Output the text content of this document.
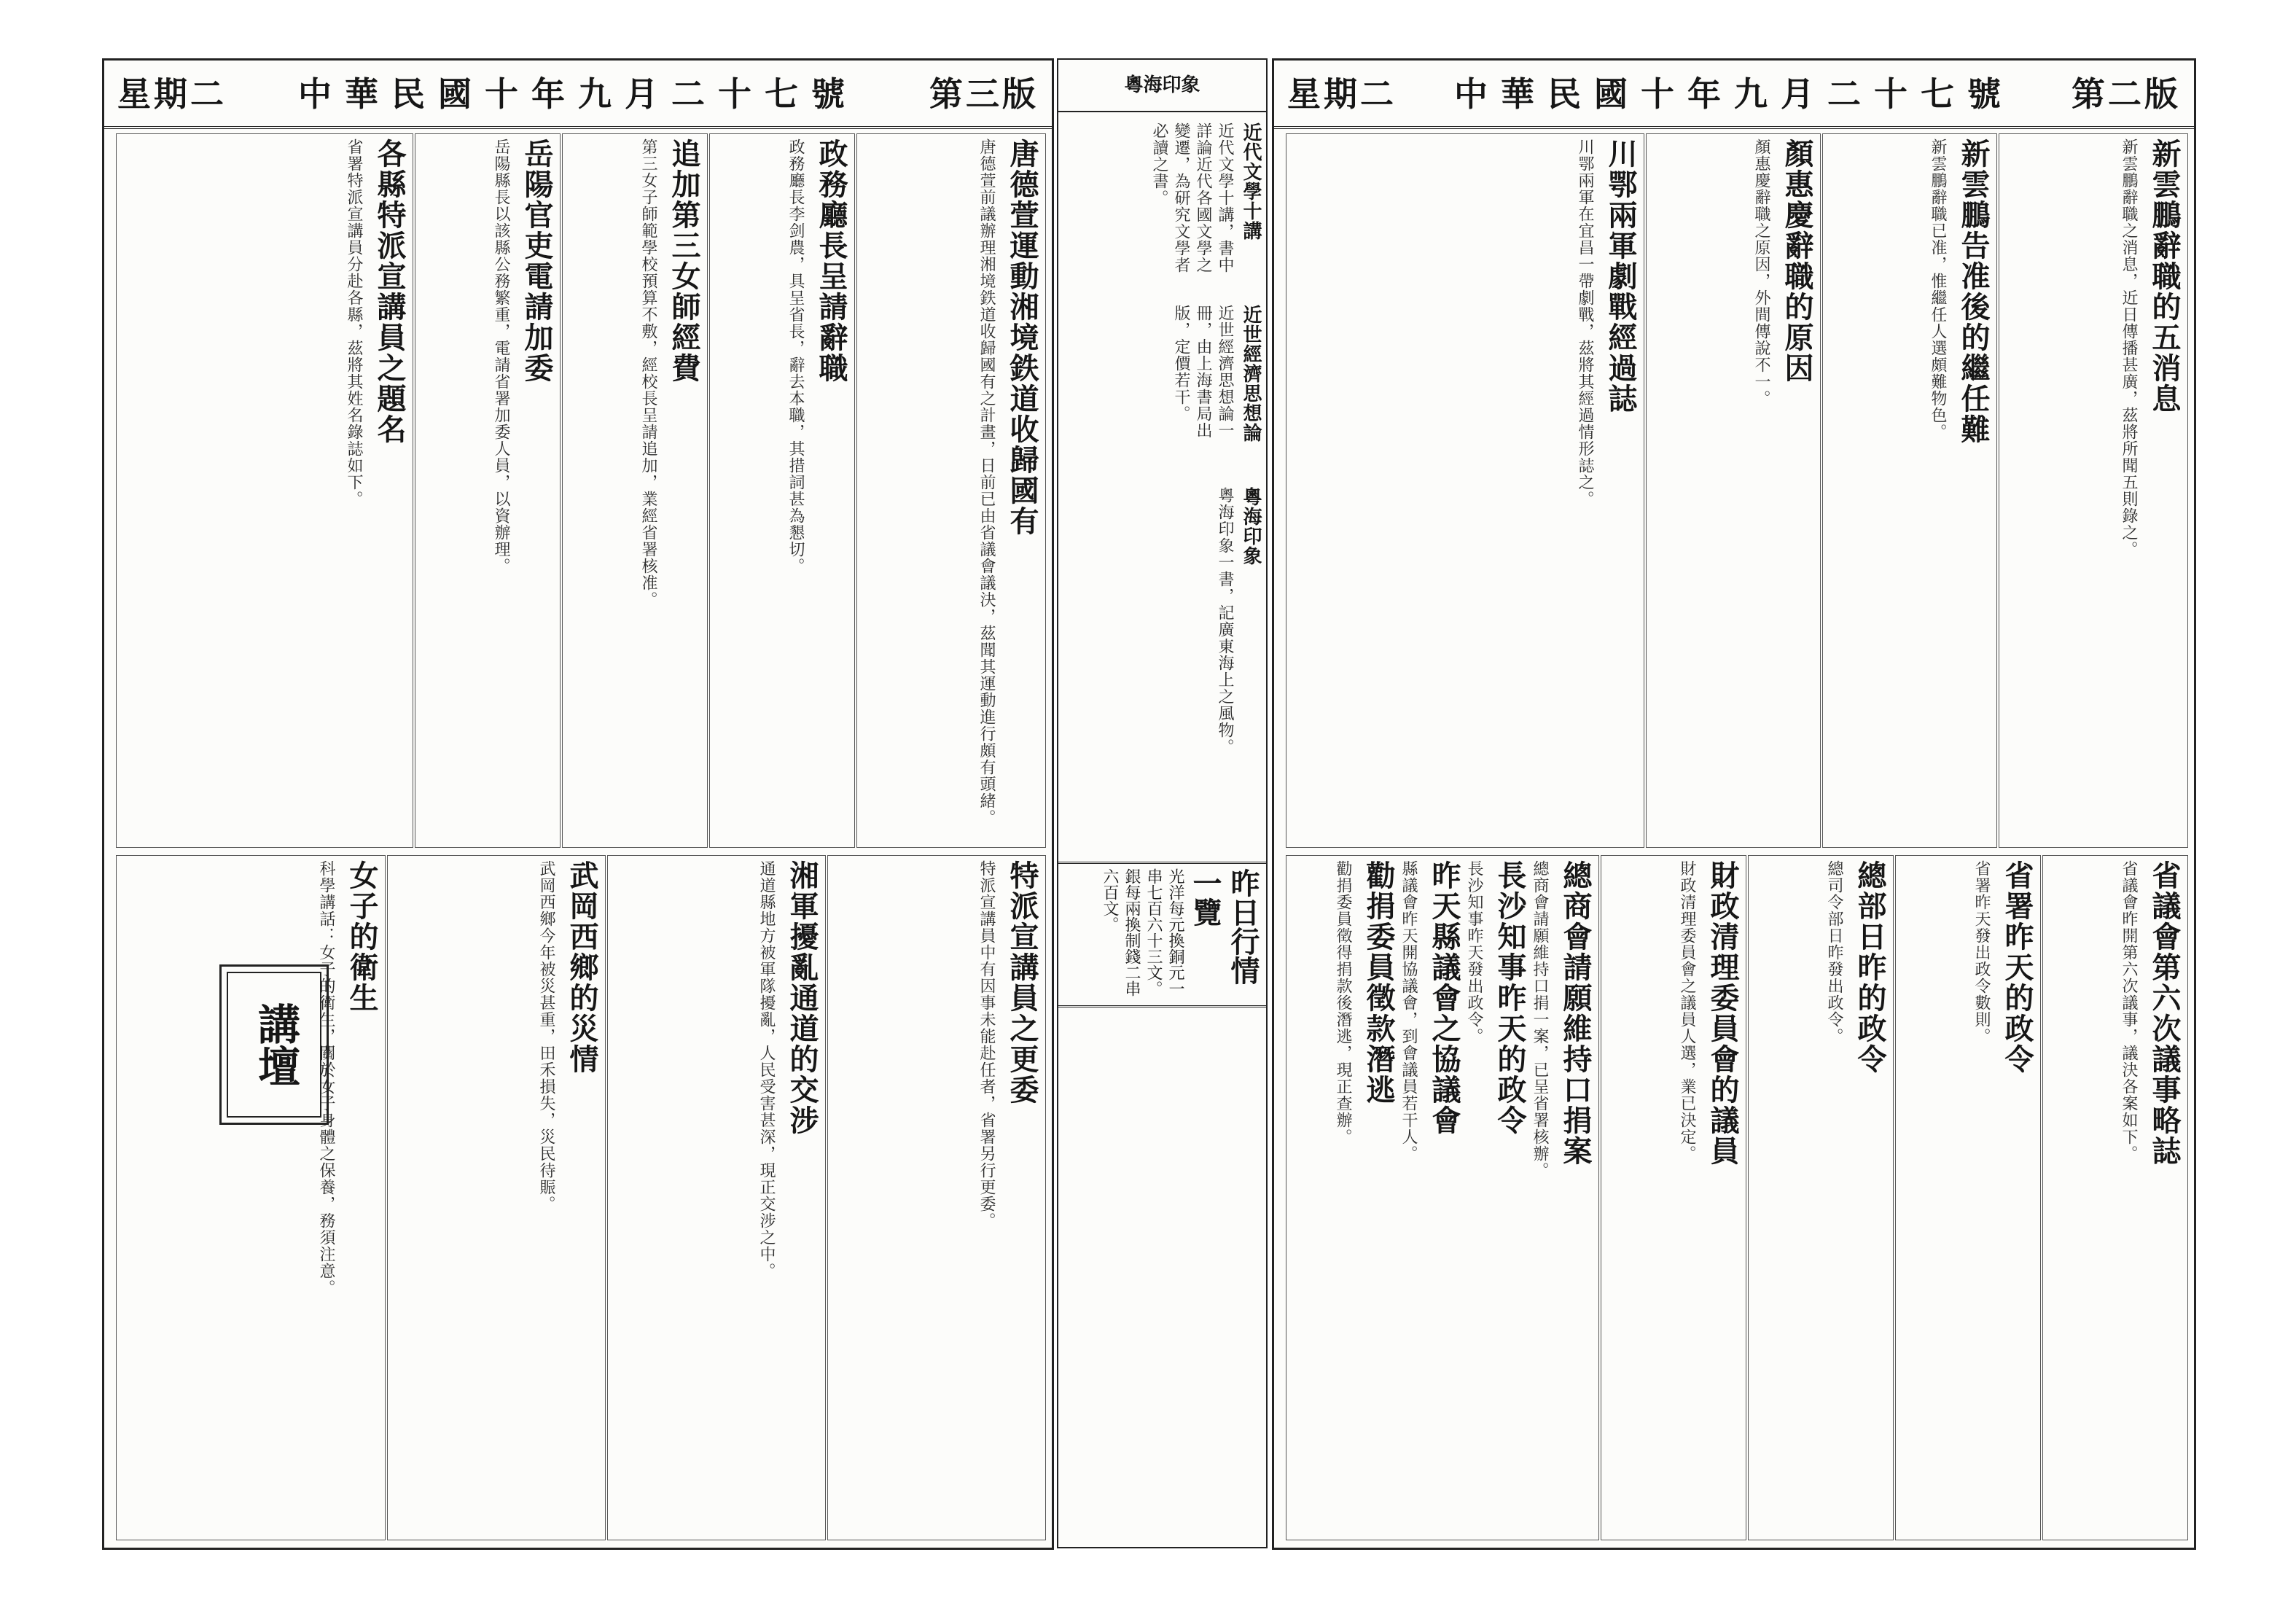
星期二 中華民國十年九月二十七號 第三版
唐德萱運動湘境鉄道收歸國有
唐德萱前議辦理湘境鉄道收歸國有之計畫，日前已由省議會議決，茲聞其運動進行頗有頭緒。
政務廳長呈請辭職
政務廳長李剑農，具呈省長，辭去本職，其措詞甚為懇切。
追加第三女師經費
第三女子師範學校預算不敷，經校長呈請追加，業經省署核准。
岳陽官吏電請加委
岳陽縣長以該縣公務繁重，電請省署加委人員，以資辦理。
各縣特派宣講員之題名
省署特派宣講員分赴各縣，茲將其姓名錄誌如下。
特派宣講員之更委
特派宣講員中有因事未能赴任者，省署另行更委。
湘軍擾亂通道的交涉
通道縣地方被軍隊擾亂，人民受害甚深，現正交涉之中。
武岡西鄉的災情
武岡西鄉今年被災甚重，田禾損失，災民待賑。
女子的衛生
科學講話：女子的衛生，關於女子身體之保養，務須注意。
講壇
粵海印象
近代文學十講
近代文學十講，書中詳論近代各國文學之變遷，為研究文學者必讀之書。
近世經濟思想論
近世經濟思想論一冊，由上海書局出版，定價若干。
粵海印象
粵海印象一書，記廣東海上之風物。
昨日行情一覽
光洋每元換銅元一串七百六十三文。銀每兩換制錢二串六百文。
星期二 中華民國十年九月二十七號 第二版
新雲鵬辭職的五消息
新雲鵬辭職之消息，近日傳播甚廣，茲將所聞五則錄之。
新雲鵬告准後的繼任難
新雲鵬辭職已准，惟繼任人選頗難物色。
顏惠慶辭職的原因
顏惠慶辭職之原因，外間傳說不一。
川鄂兩軍劇戰經過誌
川鄂兩軍在宜昌一帶劇戰，茲將其經過情形誌之。
省議會第六次議事略誌
省議會昨開第六次議事，議決各案如下。
省署昨天的政令
省署昨天發出政令數則。
總部日昨的政令
總司令部日昨發出政令。
財政清理委員會的議員
財政清理委員會之議員人選，業已決定。
總商會請願維持口捐案
總商會請願維持口捐一案，已呈省署核辦。
長沙知事昨天的政令
長沙知事昨天發出政令。
昨天縣議會之協議會
縣議會昨天開協議會，到會議員若干人。
勸捐委員徵款潛逃
勸捐委員徵得捐款後潛逃，現正查辦。
